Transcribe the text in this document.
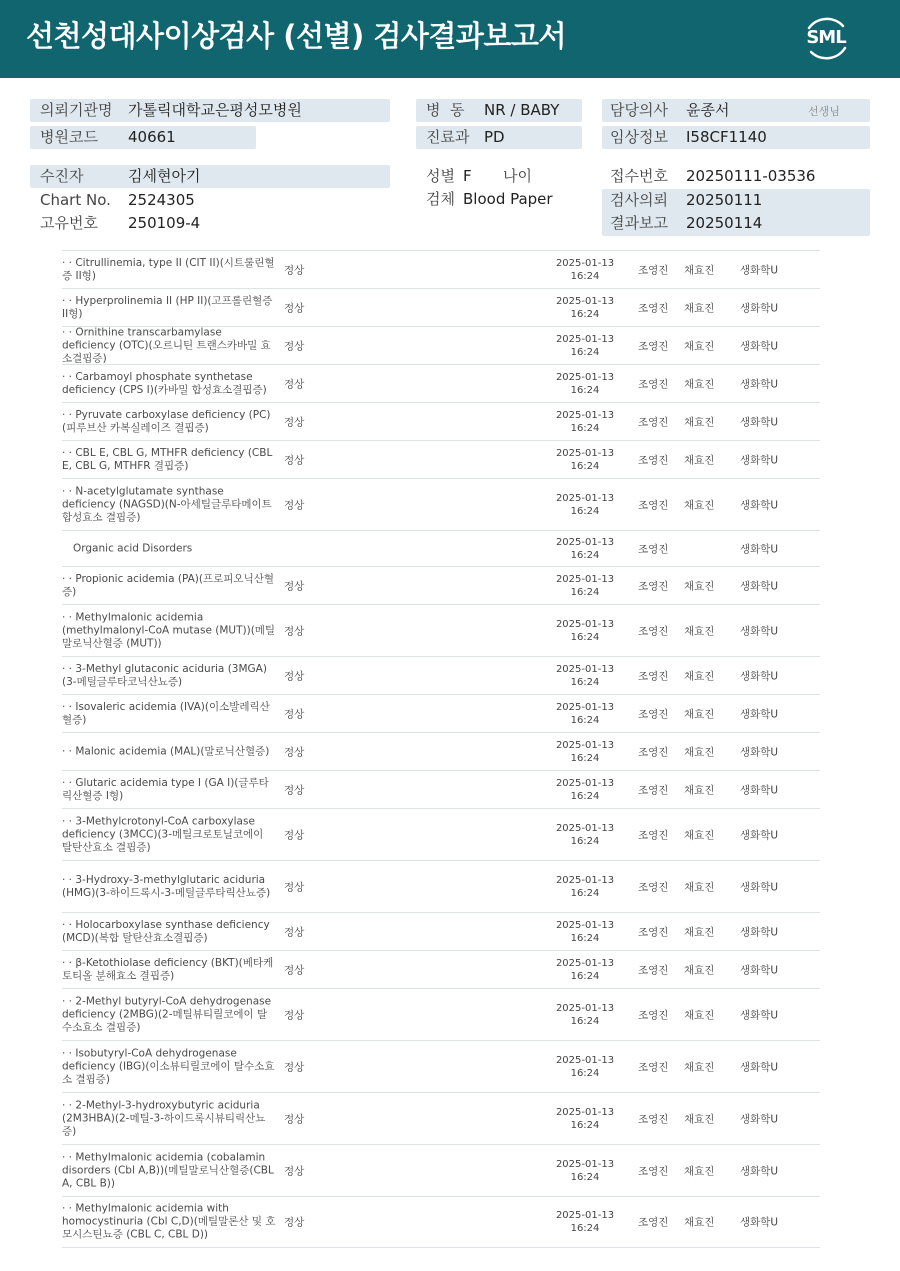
선천성대사이상검사 (선별) 검사결과보고서	SML
의뢰기관명 가톨릭대학교은평성모병원	병  동 NR / BABY	담당의사 윤종서	선생님
병원코드 40661	진료과 PD	임상정보 I58CF1140
수진자	김세현아기	성별 F 나이	접수번호 20250111-03536
Chart No. 2524305	검체 Blood Paper	검사의뢰 20250111
고유번호 250109-4	결과보고 20250114
· · Citrullinemia, type II (CIT II)(시트룰린혈증 II형)	정상
2025-01-13
16:24	조영진 채효진 생화학U
· · Hyperprolinemia II (HP II)(고프롤린혈증 II형)	정상
2025-01-13
16:24	조영진 채효진 생화학U
· · Ornithine transcarbamylase deficiency (OTC)(오르니틴 트랜스카바밀 효소결핍증)
정상
2025-01-13
16:24	조영진 채효진 생화학U
· · Carbamoyl phosphate synthetase deficiency (CPS I)(카바밀 합성효소결핍증)	정상
2025-01-13
16:24	조영진 채효진 생화학U
· · Pyruvate carboxylase deficiency (PC)(피루브산 카복실레이즈 결핍증)	정상
2025-01-13
16:24	조영진 채효진 생화학U
· · CBL E, CBL G, MTHFR deficiency (CBL E, CBL G, MTHFR 결핍증)	정상
2025-01-13
16:24	조영진 채효진 생화학U
· · N-acetylglutamate synthase deficiency (NAGSD)(N-아세틸글루타메이트 합성효소 결핍증)
정상
2025-01-13
16:24	조영진 채효진 생화학U
Organic acid Disorders	2025-01-13
16:24	조영진	생화학U
· · Propionic acidemia (PA)(프로피오닉산혈증)	정상
2025-01-13
16:24	조영진 채효진 생화학U
· · Methylmalonic acidemia (methylmalonyl-CoA mutase (MUT))(메틸말로닉산혈증 (MUT))
정상
2025-01-13
16:24	조영진 채효진 생화학U
· · 3-Methyl glutaconic aciduria (3MGA)(3-메틸글루타코닉산뇨증)	정상
2025-01-13
16:24	조영진 채효진 생화학U
· · Isovaleric acidemia (IVA)(이소발레릭산혈증)	정상
2025-01-13
16:24	조영진 채효진 생화학U
· · Malonic acidemia (MAL)(말로닉산혈증)	정상
2025-01-13
16:24	조영진 채효진 생화학U
· · Glutaric acidemia type I (GA I)(글루타릭산혈증 I형)	정상
2025-01-13
16:24	조영진 채효진 생화학U
· · 3-Methylcrotonyl-CoA carboxylase deficiency (3MCC)(3-메틸크로토닐코에이 탈탄산효소 결핍증)
정상
2025-01-13
16:24	조영진 채효진 생화학U
· · 3-Hydroxy-3-methylglutaric aciduria (HMG)(3-하이드록시-3-메틸글루타릭산뇨증)	정상
2025-01-13
16:24	조영진 채효진 생화학U
· · Holocarboxylase synthase deficiency (MCD)(복합 탈탄산효소결핍증)	정상
2025-01-13
16:24	조영진 채효진 생화학U
· · β-Ketothiolase deficiency (BKT)(베타케토티올 분해효소 결핍증)	정상
2025-01-13
16:24	조영진 채효진 생화학U
· · 2-Methyl butyryl-CoA dehydrogenase deficiency (2MBG)(2-메틸뷰티릴코에이 탈수소효소 결핍증)
정상
2025-01-13
16:24	조영진 채효진 생화학U
· · Isobutyryl-CoA dehydrogenase deficiency (IBG)(이소뷰티릴코에이 탈수소효소 결핍증)
정상
2025-01-13
16:24	조영진 채효진 생화학U
· · 2-Methyl-3-hydroxybutyric aciduria (2M3HBA)(2-메틸-3-하이드록시뷰티릭산뇨증)
정상
2025-01-13
16:24	조영진 채효진 생화학U
· · Methylmalonic acidemia (cobalamin disorders (Cbl A,B))(메틸말로닉산혈증(CBL A, CBL B))
정상
2025-01-13
16:24	조영진 채효진 생화학U
· · Methylmalonic acidemia with homocystinuria (Cbl C,D)(메틸말론산 및 호모시스틴뇨증 (CBL C, CBL D))
정상
2025-01-13
16:24	조영진 채효진 생화학U
